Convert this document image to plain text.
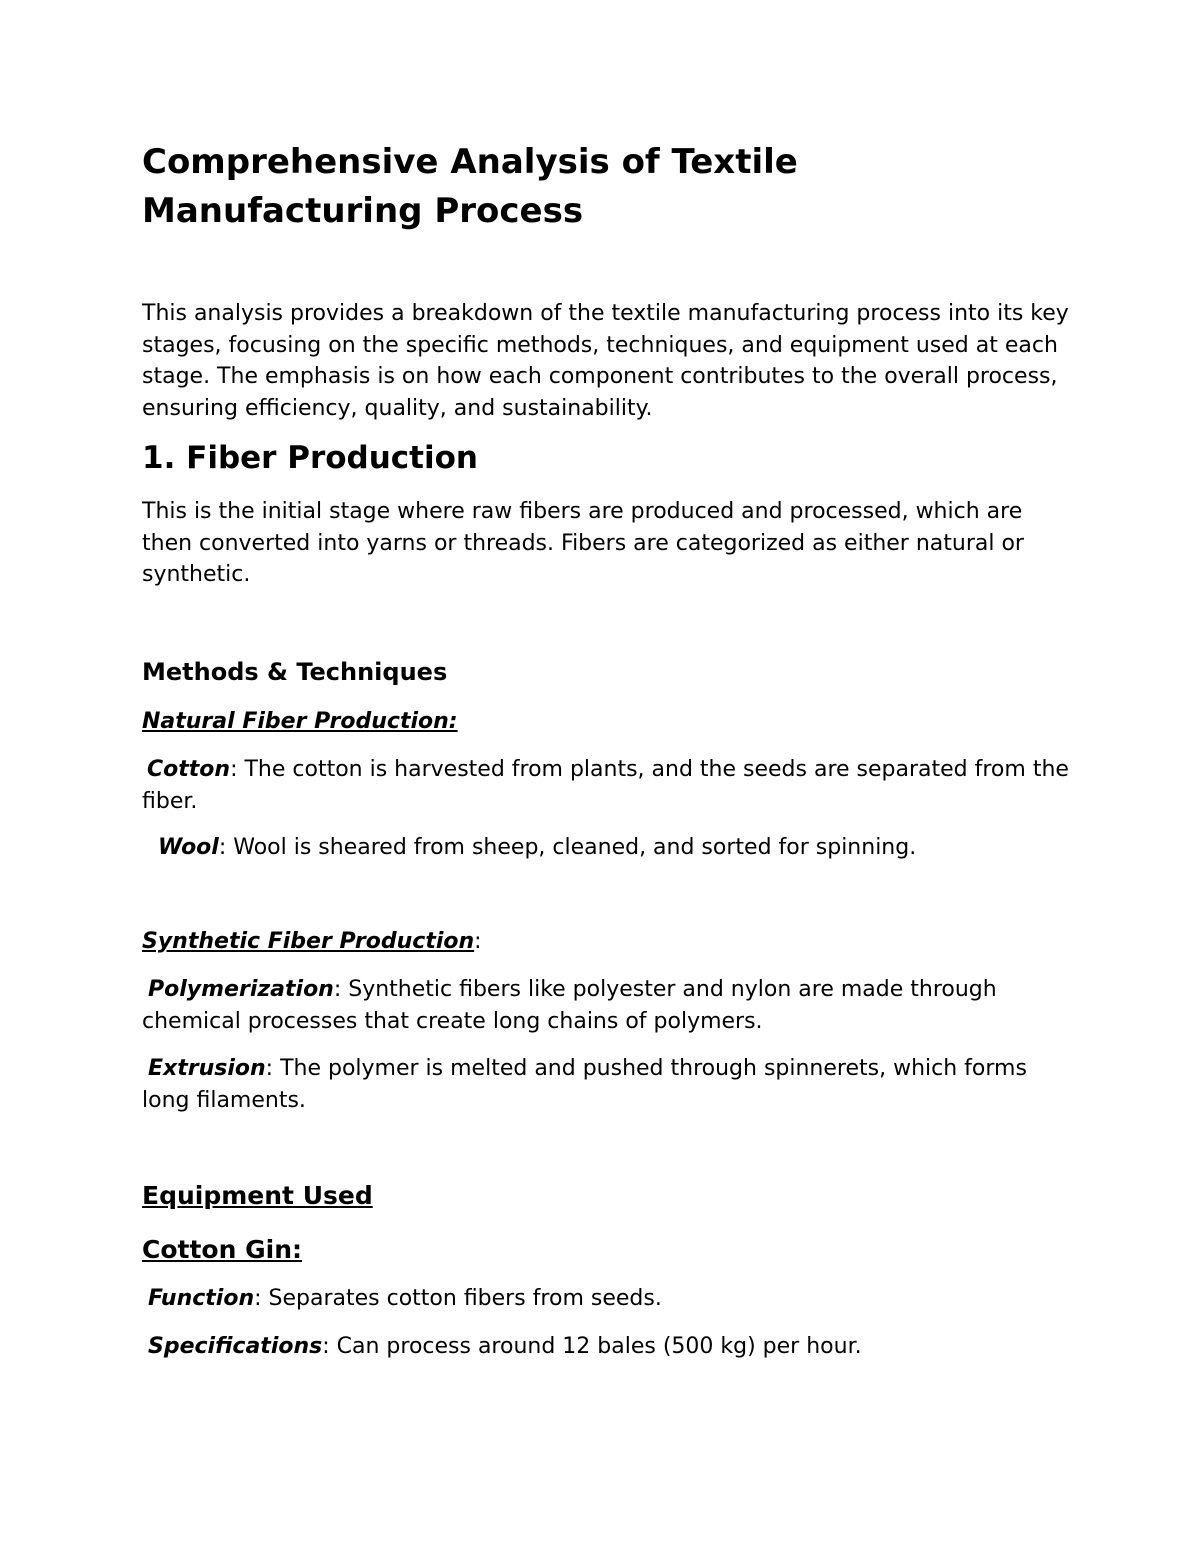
Comprehensive Analysis of Textile
Manufacturing Process

This analysis provides a breakdown of the textile manufacturing process into its key stages, focusing on the specific methods, techniques, and equipment used at each stage. The emphasis is on how each component contributes to the overall process, ensuring efficiency, quality, and sustainability.

1. Fiber Production

This is the initial stage where raw fibers are produced and processed, which are then converted into yarns or threads. Fibers are categorized as either natural or synthetic.

Methods & Techniques

Natural Fiber Production:

Cotton: The cotton is harvested from plants, and the seeds are separated from the fiber.

Wool: Wool is sheared from sheep, cleaned, and sorted for spinning.

Synthetic Fiber Production:

Polymerization: Synthetic fibers like polyester and nylon are made through chemical processes that create long chains of polymers.

Extrusion: The polymer is melted and pushed through spinnerets, which forms long filaments.

Equipment Used
Cotton Gin:

Function: Separates cotton fibers from seeds.

Specifications: Can process around 12 bales (500 kg) per hour.
